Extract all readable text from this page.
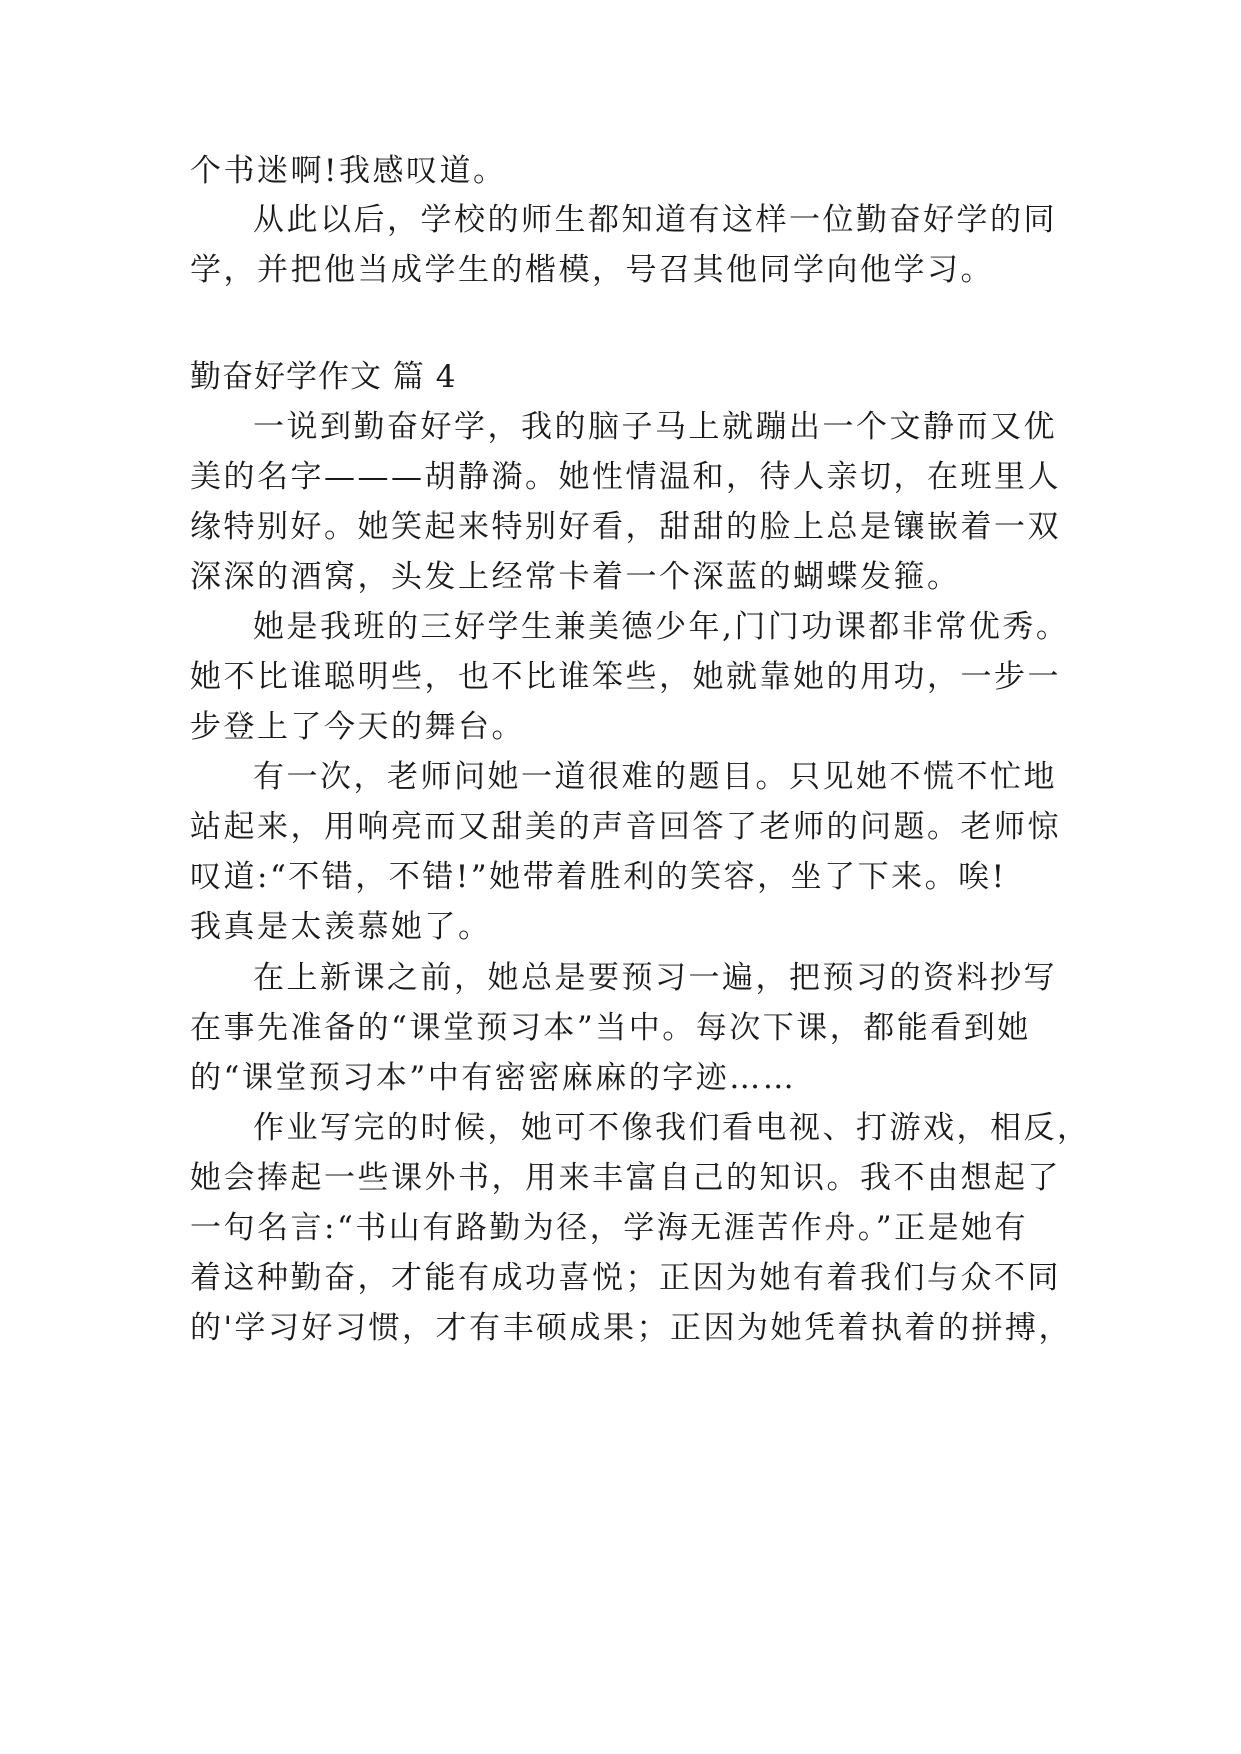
个书迷啊!我感叹道。
从此以后，学校的师生都知道有这样一位勤奋好学的同
学，并把他当成学生的楷模，号召其他同学向他学习。
勤奋好学作文 篇 4
一说到勤奋好学，我的脑子马上就蹦出一个文静而又优
美的名字———胡静漪。她性情温和，待人亲切，在班里人
缘特别好。她笑起来特别好看，甜甜的脸上总是镶嵌着一双
深深的酒窝，头发上经常卡着一个深蓝的蝴蝶发箍。
她是我班的三好学生兼美德少年,门门功课都非常优秀。
她不比谁聪明些，也不比谁笨些，她就靠她的用功，一步一
步登上了今天的舞台。
有一次，老师问她一道很难的题目。只见她不慌不忙地
站起来，用响亮而又甜美的声音回答了老师的问题。老师惊
叹道:“不错，不错!”她带着胜利的笑容，坐了下来。唉!
我真是太羡慕她了。
在上新课之前，她总是要预习一遍，把预习的资料抄写
在事先准备的“课堂预习本”当中。每次下课，都能看到她
的“课堂预习本”中有密密麻麻的字迹……
作业写完的时候，她可不像我们看电视、打游戏，相反，
她会捧起一些课外书，用来丰富自己的知识。我不由想起了
一句名言:“书山有路勤为径，学海无涯苦作舟。”正是她有
着这种勤奋，才能有成功喜悦；正因为她有着我们与众不同
的'学习好习惯，才有丰硕成果；正因为她凭着执着的拼搏，
